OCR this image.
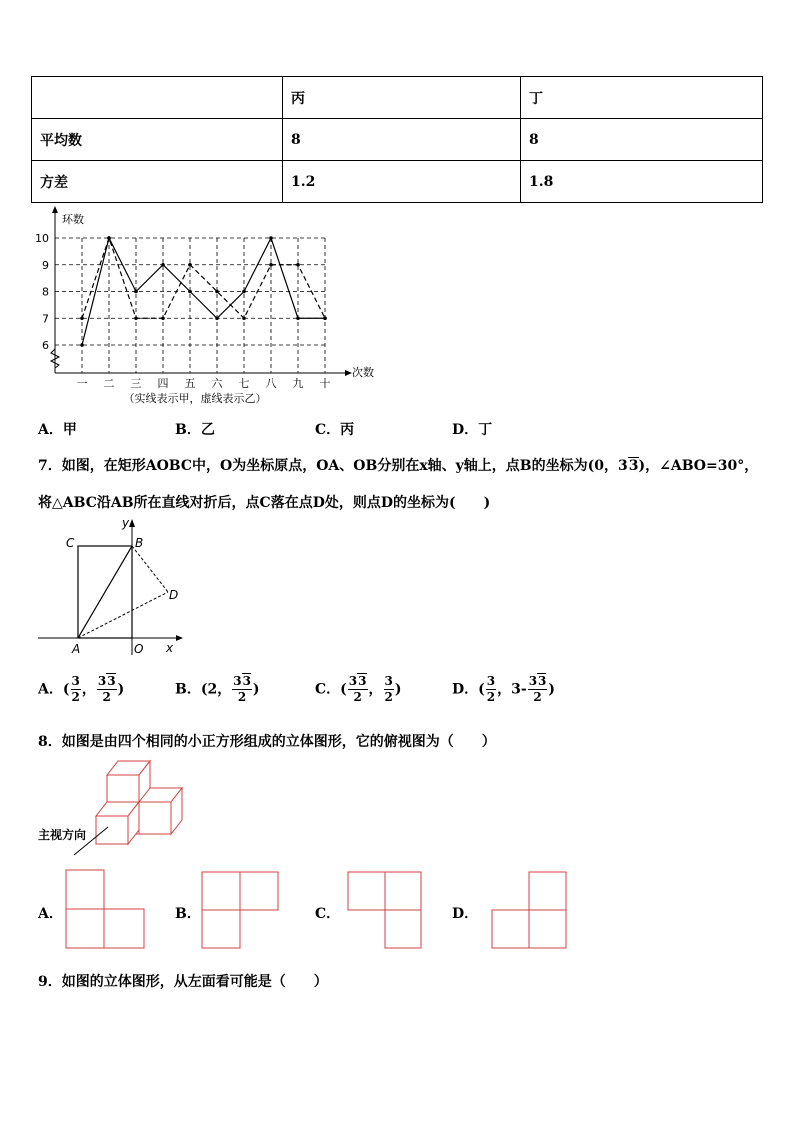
	丙	丁
平均数	8	8
方差	1.2	1.8
6
7
8
9
10
一 二 三 四 五 六 七 八 九 十
环数
次数
（实线表示甲，虚线表示乙）
A．甲	B．乙	C．丙	D．丁
7．如图，在矩形AOBC中，O为坐标原点，OA、OB分别在x轴、y轴上，点B的坐标为(0，33)，∠ABO=30°，
将△ABC沿AB所在直线对折后，点C落在点D处，则点D的坐标为(　　)
C	B
D
A	O x
y
A．( $\frac{3}{2}$ ， $\frac{33}{2}$ )	B．(2， $\frac{33}{2}$ )	C．( $\frac{33}{2}$ ， $\frac{3}{2}$ )	D．( $\frac{3}{2}$ ，$3- \frac{33}{2}$ )
8．如图是由四个相同的小正方形组成的立体图形，它的俯视图为（　　）
主视方向
A．	B．	C．	D．
9．如图的立体图形，从左面看可能是（　　）
